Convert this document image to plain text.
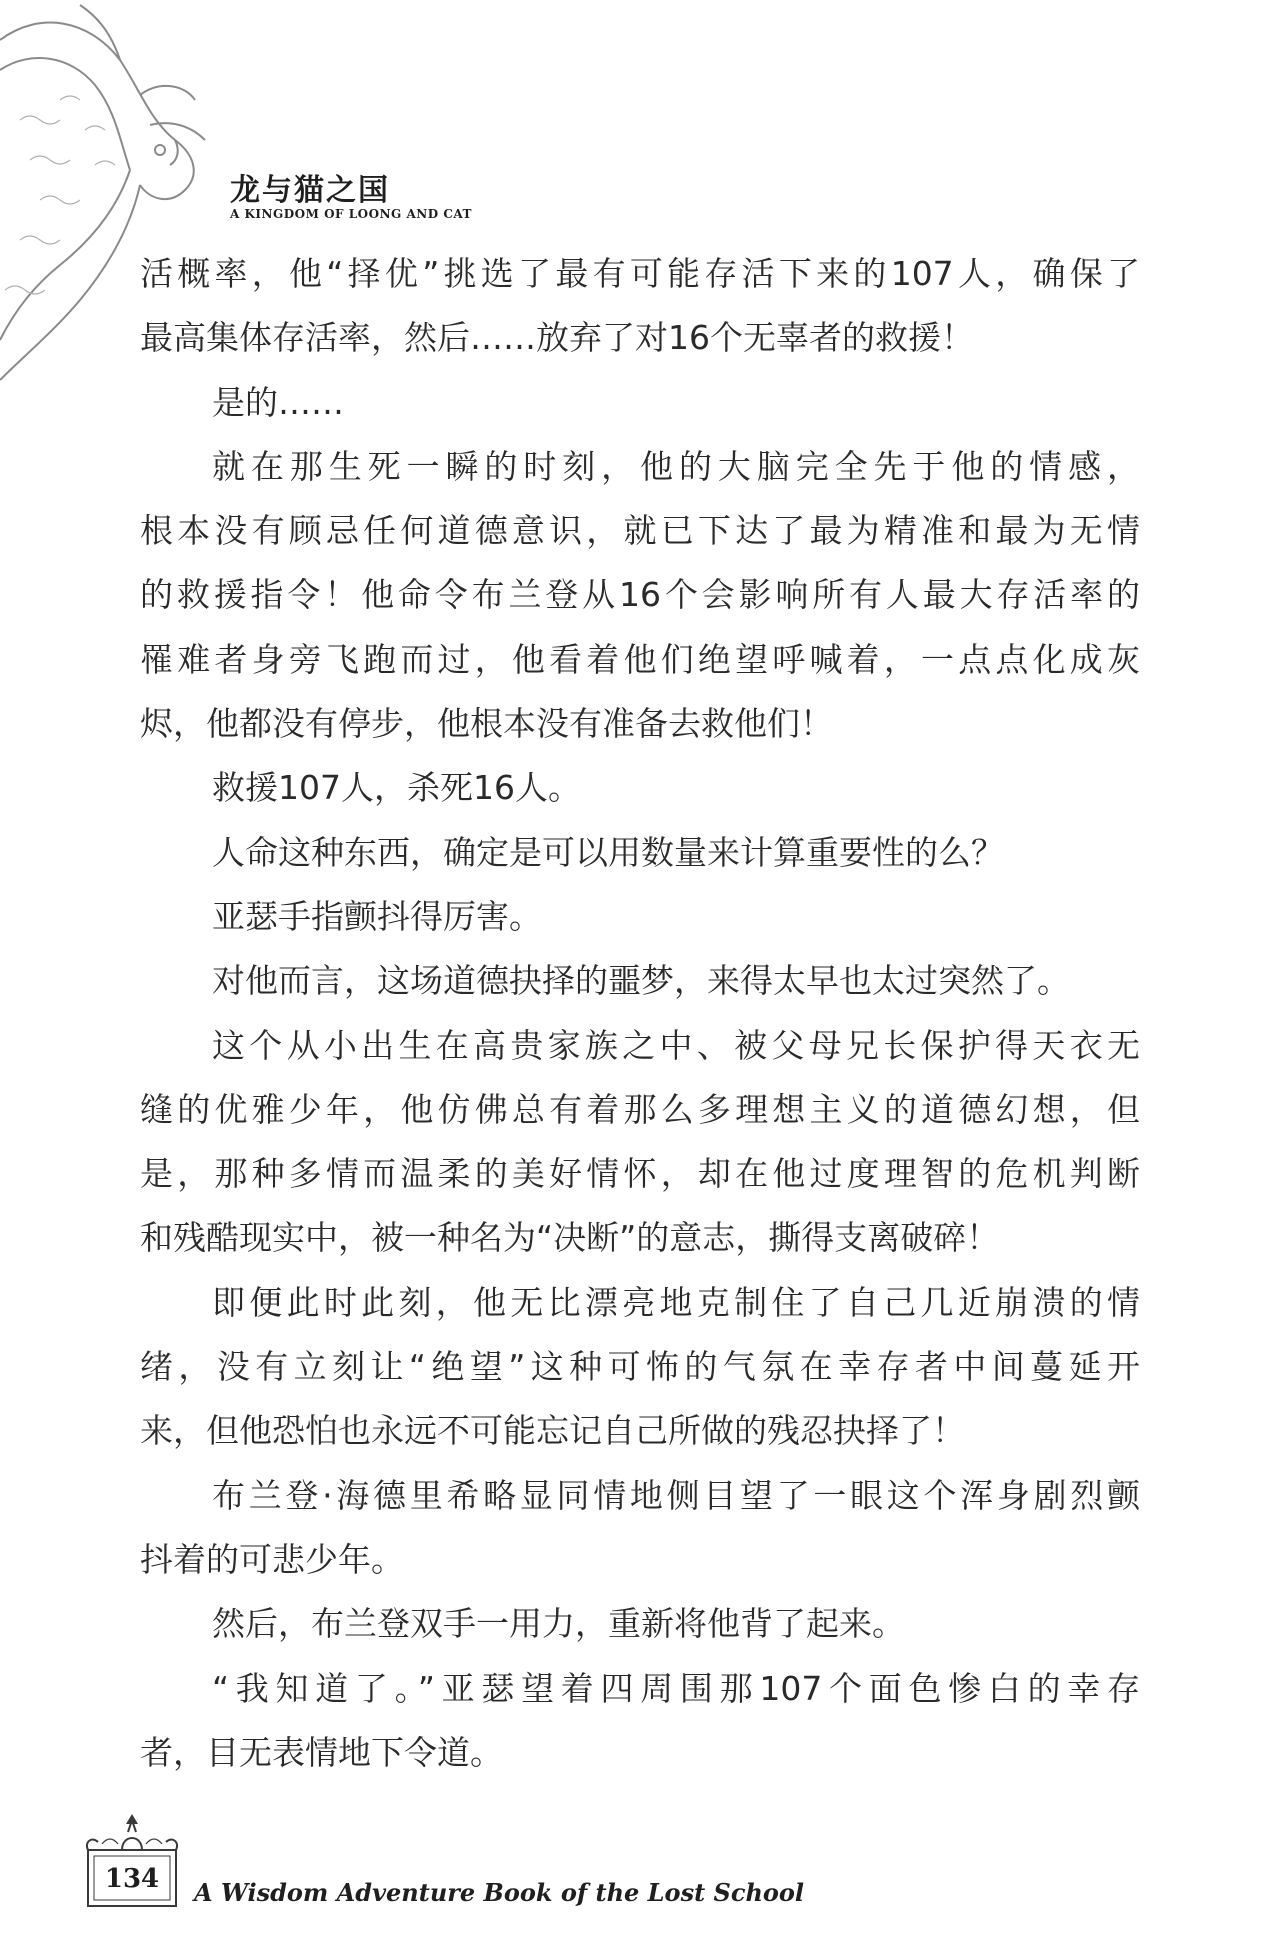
龙与猫之国
A KINGDOM OF LOONG AND CAT
活概率，他“择优”挑选了最有可能存活下来的107人，确保了
最高集体存活率，然后……放弃了对16个无辜者的救援！
是的……
就在那生死一瞬的时刻，他的大脑完全先于他的情感，
根本没有顾忌任何道德意识，就已下达了最为精准和最为无情
的救援指令！他命令布兰登从16个会影响所有人最大存活率的
罹难者身旁飞跑而过，他看着他们绝望呼喊着，一点点化成灰
烬，他都没有停步，他根本没有准备去救他们！
救援107人，杀死16人。
人命这种东西，确定是可以用数量来计算重要性的么？
亚瑟手指颤抖得厉害。
对他而言，这场道德抉择的噩梦，来得太早也太过突然了。
这个从小出生在高贵家族之中、被父母兄长保护得天衣无
缝的优雅少年，他仿佛总有着那么多理想主义的道德幻想，但
是，那种多情而温柔的美好情怀，却在他过度理智的危机判断
和残酷现实中，被一种名为“决断”的意志，撕得支离破碎！
即便此时此刻，他无比漂亮地克制住了自己几近崩溃的情
绪，没有立刻让“绝望”这种可怖的气氛在幸存者中间蔓延开
来，但他恐怕也永远不可能忘记自己所做的残忍抉择了！
布兰登·海德里希略显同情地侧目望了一眼这个浑身剧烈颤
抖着的可悲少年。
然后，布兰登双手一用力，重新将他背了起来。
“我知道了。”亚瑟望着四周围那107个面色惨白的幸存
者，目无表情地下令道。
134	A Wisdom Adventure Book of the Lost School
